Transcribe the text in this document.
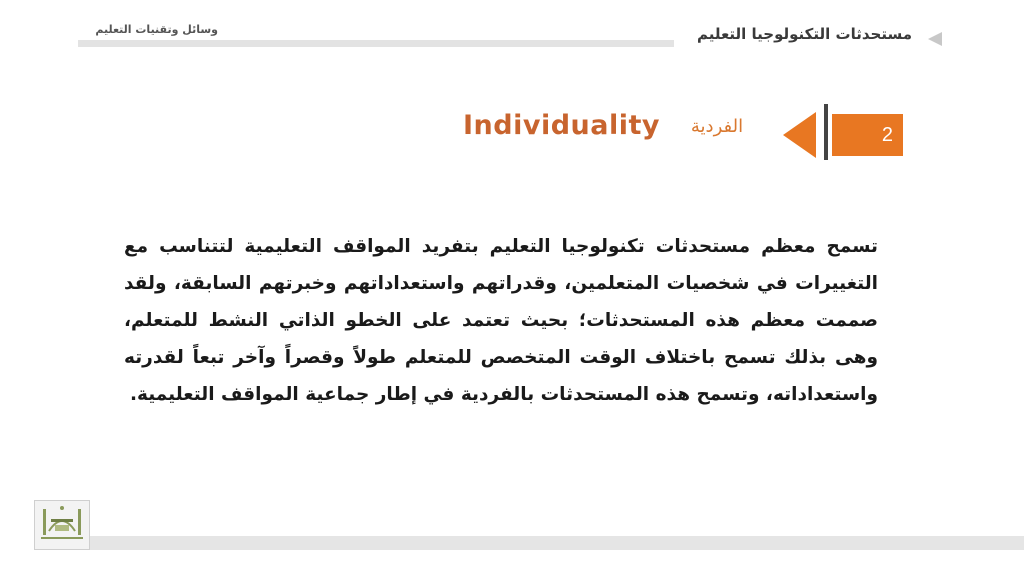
وسائل وتقنيات التعليم	مستحدثات التكنولوجيا التعليم
Individuality	الفردية	2

تسمح معظم مستحدثات تكنولوجيا التعليم بتفريد المواقف التعليمية لتتناسب مع التغييرات في شخصيات المتعلمين، وقدراتهم واستعداداتهم وخبرتهم السابقة، ولقد صممت معظم هذه المستحدثات؛ بحيث تعتمد على الخطو الذاتي النشط للمتعلم، وهى بذلك تسمح باختلاف الوقت المتخصص للمتعلم طولاً وقصراً وآخر تبعاً لقدرته واستعداداته، وتسمح هذه المستحدثات بالفردية في إطار جماعية المواقف التعليمية.
